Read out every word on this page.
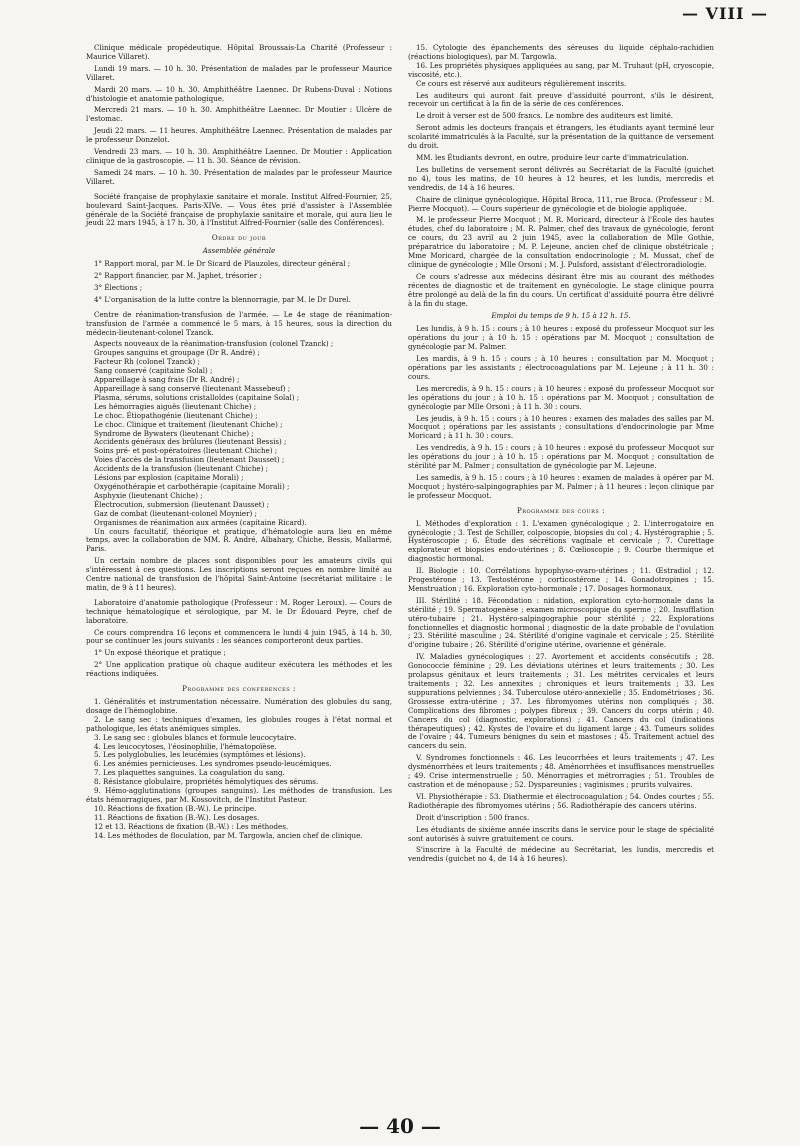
— VIII —

Clinique médicale propédeutique. Hôpital Broussais-La Charité (Professeur : Maurice Villaret).

Lundi 19 mars. — 10 h. 30. Présentation de malades par le professeur Maurice Villaret.

Mardi 20 mars. — 10 h. 30. Amphithéâtre Laennec. Dr Rubens-Duval : Notions d'histologie et anatomie pathologique.

Mercredi 21 mars. — 10 h. 30. Amphithéâtre Laennec. Dr Moutier : Ulcère de l'estomac.

Jeudi 22 mars. — 11 heures. Amphithéâtre Laennec. Présentation de malades par le professeur Donzelot.

Vendredi 23 mars. — 10 h. 30. Amphithéâtre Laennec. Dr Moutier : Application clinique de la gastroscopie. — 11 h. 30. Séance de révision.

Samedi 24 mars. — 10 h. 30. Présentation de malades par le professeur Maurice Villaret.

Société française de prophylaxie sanitaire et morale. Institut Alfred-Fournier, 25, boulevard Saint-Jacques. Paris-XIVe. — Vous êtes prié d'assister à l'Assemblée générale de la Société française de prophylaxie sanitaire et morale, qui aura lieu le jeudi 22 mars 1945, à 17 h. 30, à l'Institut Alfred-Fournier (salle des Conférences).

Ordre du jour

Assemblée générale

1° Rapport moral, par M. le Dr Sicard de Plauzoles, directeur général ;

2° Rapport financier, par M. Japhet, trésorier ;

3° Élections ;

4° L'organisation de la lutte contre la blennorragie, par M. le Dr Durel.

Centre de réanimation-transfusion de l'armée. — Le 4e stage de réanimation-transfusion de l'armée a commencé le 5 mars, à 15 heures, sous la direction du médecin-lieutenant-colonel Tzanck.

Aspects nouveaux de la réanimation-transfusion (colonel Tzanck) ;

Groupes sanguins et groupage (Dr R. André) ;

Facteur Rh (colonel Tzanck) ;

Sang conservé (capitaine Solal) ;

Appareillage à sang frais (Dr R. André) ;

Appareillage à sang conservé (lieutenant Massebeuf) ;

Plasma, sérums, solutions cristalloïdes (capitaine Solal) ;

Les hémorragies aiguës (lieutenant Chiche) ;

Le choc. Étiopathogénie (lieutenant Chiche) ;

Le choc. Clinique et traitement (lieutenant Chiche) ;

Syndrome de Bywaters (lieutenant Chiche) ;

Accidents généraux des brûlures (lieutenant Bessis) ;

Soins pré- et post-opératoires (lieutenant Chiche) ;

Voies d'accès de la transfusion (lieutenant Dausset) ;

Accidents de la transfusion (lieutenant Chiche) ;

Lésions par explosion (capitaine Morali) ;

Oxygénothérapie et carbothérapie (capitaine Morali) ;

Asphyxie (lieutenant Chiche) ;

Électrocution, submersion (lieutenant Dausset) ;

Gaz de combat (lieutenant-colonel Moynier) ;

Organismes de réanimation aux armées (capitaine Ricard).

Un cours facultatif, théorique et pratique, d'hématologie aura lieu en même temps, avec la collaboration de MM. R. André, Albahary, Chiche, Bessis, Mallarmé, Paris.

Un certain nombre de places sont disponibles pour les amateurs civils qui s'intéressent à ces questions. Les inscriptions seront reçues en nombre limité au Centre national de transfusion de l'hôpital Saint-Antoine (secrétariat militaire : le matin, de 9 à 11 heures).

Laboratoire d'anatomie pathologique (Professeur : M. Roger Leroux). — Cours de technique hématologique et sérologique, par M. le Dr Édouard Peyre, chef de laboratoire.

Ce cours comprendra 16 leçons et commencera le lundi 4 juin 1945, à 14 h. 30, pour se continuer les jours suivants : les séances comporteront deux parties.

1° Un exposé théorique et pratique ;

2° Une application pratique où chaque auditeur exécutera les méthodes et les réactions indiquées.

Programme des conférences :

1. Généralités et instrumentation nécessaire. Numération des globules du sang, dosage de l'hémoglobine.

2. Le sang sec : techniques d'examen, les globules rouges à l'état normal et pathologique, les états anémiques simples.

3. Le sang sec : globules blancs et formule leucocytaire.

4. Les leucocytoses, l'éosinophilie, l'hématopoïèse.

5. Les polyglobulies, les leucémies (symptômes et lésions).

6. Les anémies pernicieuses. Les syndromes pseudo-leucémiques.

7. Les plaquettes sanguines. La coagulation du sang.

8. Résistance globulaire, propriétés hémolytiques des sérums.

9. Hémo-agglutinations (groupes sanguins). Les méthodes de transfusion. Les états hémorragiques, par M. Kossovitch, de l'Institut Pasteur.

10. Réactions de fixation (B.-W.). Le principe.

11. Réactions de fixation (B.-W.). Les dosages.

12 et 13. Réactions de fixation (B.-W.) : Les méthodes.

14. Les méthodes de floculation, par M. Targowla, ancien chef de clinique.

15. Cytologie des épanchements des séreuses du liquide céphalo-rachidien (réactions biologiques), par M. Targowla.

16. Les propriétés physiques appliquées au sang, par M. Truhaut (pH, cryoscopie, viscosité, etc.).

Ce cours est réservé aux auditeurs régulièrement inscrits.

Les auditeurs qui auront fait preuve d'assiduité pourront, s'ils le désirent, recevoir un certificat à la fin de la série de ces conférences.

Le droit à verser est de 500 francs. Le nombre des auditeurs est limité.

Seront admis les docteurs français et étrangers, les étudiants ayant terminé leur scolarité immatriculés à la Faculté, sur la présentation de la quittance de versement du droit.

MM. les Étudiants devront, en outre, produire leur carte d'immatriculation.

Les bulletins de versement seront délivrés au Secrétariat de la Faculté (guichet no 4), tous les matins, de 10 heures à 12 heures, et les lundis, mercredis et vendredis, de 14 à 16 heures.

Chaire de clinique gynécologique. Hôpital Broca, 111, rue Broca. (Professeur : M. Pierre Mocquot). — Cours supérieur de gynécologie et de biologie appliquée.

M. le professeur Pierre Mocquot ; M. R. Moricard, directeur à l'École des hautes études, chef du laboratoire ; M. R. Palmer, chef des travaux de gynécologie, feront ce cours, du 23 avril au 2 juin 1945, avec la collaboration de Mlle Gothie, préparatrice du laboratoire ; M. P. Lejeune, ancien chef de clinique obstétricale ; Mme Moricard, chargée de la consultation endocrinologie ; M. Mussat, chef de clinique de gynécologie ; Mlle Orsoni ; M. J. Pulsford, assistant d'électroradiologie.

Ce cours s'adresse aux médecins désirant être mis au courant des méthodes récentes de diagnostic et de traitement en gynécologie. Le stage clinique pourra être prolongé au delà de la fin du cours. Un certificat d'assiduité pourra être délivré à la fin du stage.

Emploi du temps de 9 h. 15 à 12 h. 15.

Les lundis, à 9 h. 15 : cours ; à 10 heures : exposé du professeur Mocquot sur les opérations du jour ; à 10 h. 15 : opérations par M. Mocquot ; consultation de gynécologie par M. Palmer.

Les mardis, à 9 h. 15 : cours ; à 10 heures : consultation par M. Mocquot ; opérations par les assistants ; électrocoagulations par M. Lejeune ; à 11 h. 30 : cours.

Les mercredis, à 9 h. 15 : cours ; à 10 heures : exposé du professeur Mocquot sur les opérations du jour ; à 10 h. 15 : opérations par M. Mocquot ; consultation de gynécologie par Mlle Orsoni ; à 11 h. 30 : cours.

Les jeudis, à 9 h. 15 : cours ; à 10 heures : examen des malades des salles par M. Mocquot ; opérations par les assistants ; consultations d'endocrinologie par Mme Moricard ; à 11 h. 30 : cours.

Les vendredis, à 9 h. 15 : cours ; à 10 heures : exposé du professeur Mocquot sur les opérations du jour ; à 10 h. 15 : opérations par M. Mocquot ; consultation de stérilité par M. Palmer ; consultation de gynécologie par M. Lejeune.

Les samedis, à 9 h. 15 : cours ; à 10 heures : examen de malades à opérer par M. Mocquot ; hystéro-salpingographies par M. Palmer ; à 11 heures : leçon clinique par le professeur Mocquot.

Programme des cours :

I. Méthodes d'exploration : 1. L'examen gynécologique ; 2. L'interrogatoire en gynécologie ; 3. Test de Schiller, colposcopie, biopsies du col ; 4. Hystérographie ; 5. Hystéroscopie ; 6. Étude des sécrétions vaginale et cervicale ; 7. Curettage explorateur et biopsies endo-utérines ; 8. Cœlioscopie ; 9. Courbe thermique et diagnostic hormonal.

II. Biologie : 10. Corrélations hypophyso-ovaro-utérines ; 11. Œstradiol ; 12. Progestérone ; 13. Testostérone ; corticostérone ; 14. Gonadotropines ; 15. Menstruation ; 16. Exploration cyto-hormonale ; 17. Dosages hormonaux.

III. Stérilité : 18. Fécondation : nidation, exploration cyto-hormonale dans la stérilité ; 19. Spermatogenèse ; examen microscopique du sperme ; 20. Insufflation utéro-tubaire ; 21. Hystéro-salpingographie pour stérilité ; 22. Explorations fonctionnelles et diagnostic hormonal ; diagnostic de la date probable de l'ovulation ; 23. Stérilité masculine ; 24. Stérilité d'origine vaginale et cervicale ; 25. Stérilité d'origine tubaire ; 26. Stérilité d'origine utérine, ovarienne et générale.

IV. Maladies gynécologiques : 27. Avortement et accidents consécutifs ; 28. Gonococcie féminine ; 29. Les déviations utérines et leurs traitements ; 30. Les prolapsus génitaux et leurs traitements ; 31. Les métrites cervicales et leurs traitements ; 32. Les annexites ; chroniques et leurs traitements ; 33. Les suppurations pelviennes ; 34. Tuberculose utéro-annexielle ; 35. Endométrioses ; 36. Grossesse extra-utérine ; 37. Les fibromyomes utérins non compliqués ; 38. Complications des fibromes ; polypes fibreux ; 39. Cancers du corps utérin ; 40. Cancers du col (diagnostic, explorations) ; 41. Cancers du col (indications thérapeutiques) ; 42. Kystes de l'ovaire et du ligament large ; 43. Tumeurs solides de l'ovaire ; 44. Tumeurs bénignes du sein et mastoses ; 45. Traitement actuel des cancers du sein.

V. Syndromes fonctionnels : 46. Les leucorrhées et leurs traitements ; 47. Les dysménorrhées et leurs traitements ; 48. Aménorrhées et insuffisances menstruelles ; 49. Crise intermenstruelle ; 50. Ménorragies et métrorragies ; 51. Troubles de castration et de ménopause ; 52. Dyspareunies ; vaginismes ; prurits vulvaires.

VI. Physiothérapie : 53. Diathermie et électrocoagulation ; 54. Ondes courtes ; 55. Radiothérapie des fibromyomes utérins ; 56. Radiothérapie des cancers utérins.

Droit d'inscription : 500 francs.

Les étudiants de sixième année inscrits dans le service pour le stage de spécialité sont autorisés à suivre gratuitement ce cours.

S'inscrire à la Faculté de médecine au Secrétariat, les lundis, mercredis et vendredis (guichet no 4, de 14 à 16 heures).

— 40 —
